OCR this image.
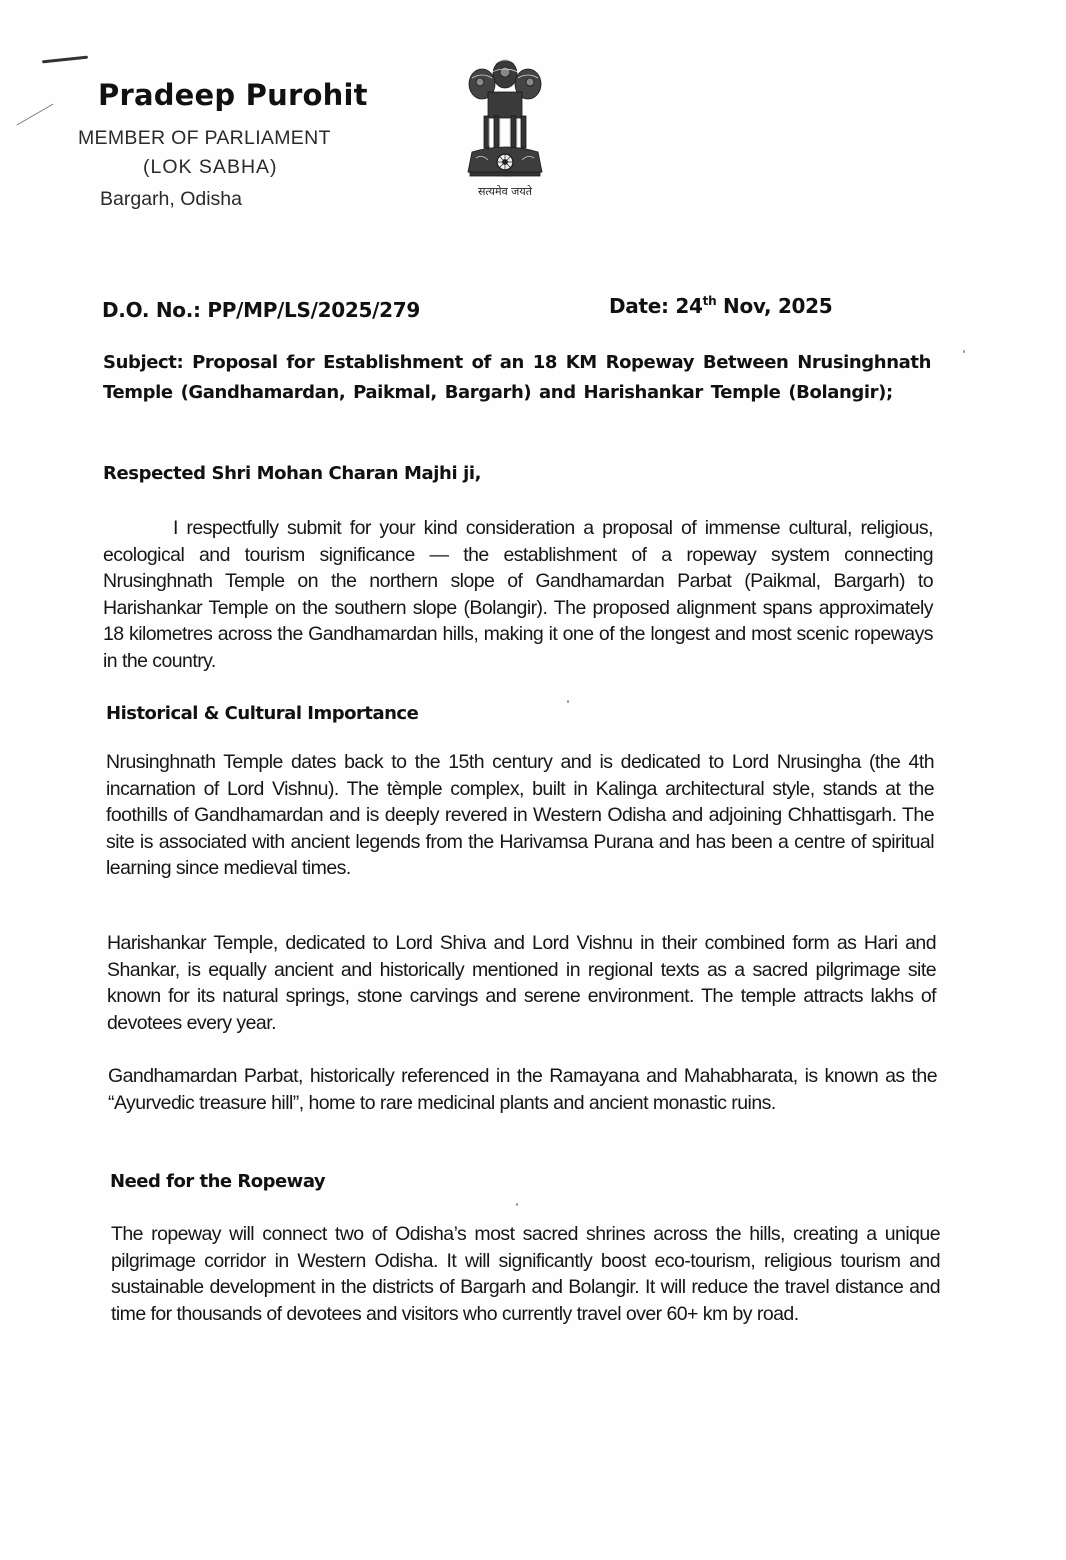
Pradeep Purohit
MEMBER OF PARLIAMENT
(LOK SABHA)
Bargarh, Odisha	सत्यमेव जयते
D.O. No.: PP/MP/LS/2025/279	Date: 24th Nov, 2025
Subject: Proposal for Establishment of an 18 KM Ropeway Between Nrusinghnath Temple (Gandhamardan, Paikmal, Bargarh) and Harishankar Temple (Bolangir);
Respected Shri Mohan Charan Majhi ji,
I respectfully submit for your kind consideration a proposal of immense cultural, religious, ecological and tourism significance — the establishment of a ropeway system connecting Nrusinghnath Temple on the northern slope of Gandhamardan Parbat (Paikmal, Bargarh) to Harishankar Temple on the southern slope (Bolangir). The proposed alignment spans approximately 18 kilometres across the Gandhamardan hills, making it one of the longest and most scenic ropeways in the country.
Historical & Cultural Importance
Nrusinghnath Temple dates back to the 15th century and is dedicated to Lord Nrusingha (the 4th incarnation of Lord Vishnu). The tèmple complex, built in Kalinga architectural style, stands at the foothills of Gandhamardan and is deeply revered in Western Odisha and adjoining Chhattisgarh. The site is associated with ancient legends from the Harivamsa Purana and has been a centre of spiritual learning since medieval times.
Harishankar Temple, dedicated to Lord Shiva and Lord Vishnu in their combined form as Hari and Shankar, is equally ancient and historically mentioned in regional texts as a sacred pilgrimage site known for its natural springs, stone carvings and serene environment. The temple attracts lakhs of devotees every year.
Gandhamardan Parbat, historically referenced in the Ramayana and Mahabharata, is known as the “Ayurvedic treasure hill”, home to rare medicinal plants and ancient monastic ruins.
Need for the Ropeway
The ropeway will connect two of Odisha’s most sacred shrines across the hills, creating a unique pilgrimage corridor in Western Odisha. It will significantly boost eco-tourism, religious tourism and sustainable development in the districts of Bargarh and Bolangir. It will reduce the travel distance and time for thousands of devotees and visitors who currently travel over 60+ km by road.
